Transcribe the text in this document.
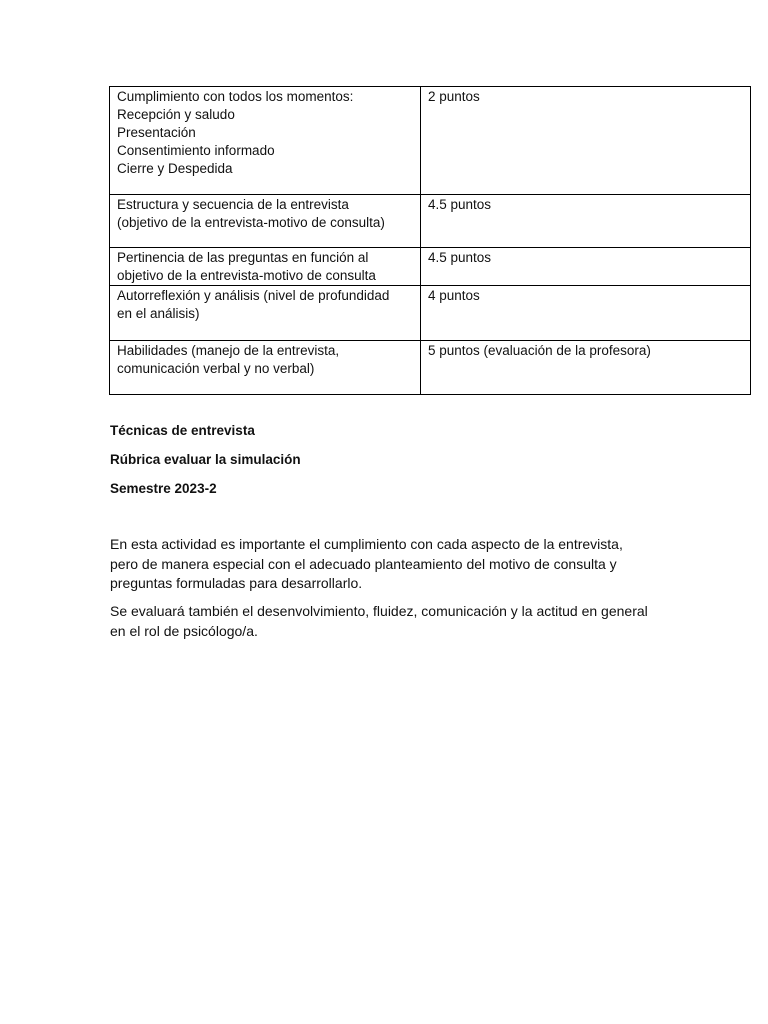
Cumplimiento con todos los momentos:
Recepción y saludo
Presentación
Consentimiento informado
Cierre y Despedida	2 puntos

Estructura y secuencia de la entrevista
(objetivo de la entrevista-motivo de consulta)	4.5 puntos

Pertinencia de las preguntas en función al
objetivo de la entrevista-motivo de consulta	4.5 puntos

Autorreflexión y análisis (nivel de profundidad
en el análisis)	4 puntos

Habilidades (manejo de la entrevista,
comunicación verbal y no verbal)	5 puntos (evaluación de la profesora)

Técnicas de entrevista

Rúbrica evaluar la simulación

Semestre 2023-2

En esta actividad es importante el cumplimiento con cada aspecto de la entrevista,
pero de manera especial con el adecuado planteamiento del motivo de consulta y
preguntas formuladas para desarrollarlo.

Se evaluará también el desenvolvimiento, fluidez, comunicación y la actitud en general
en el rol de psicólogo/a.
